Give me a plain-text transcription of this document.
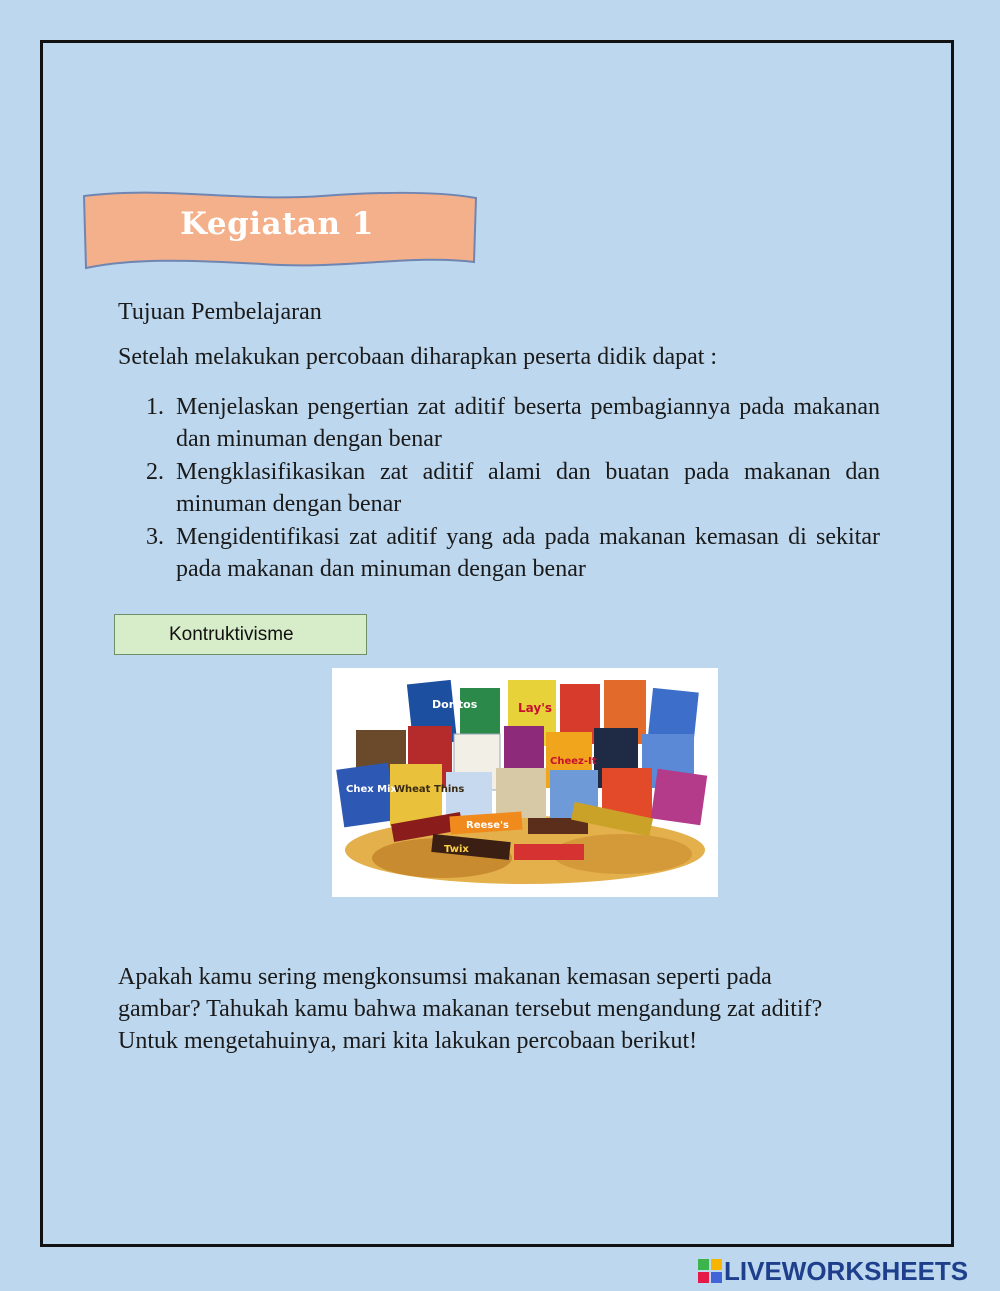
Kegiatan 1
Tujuan Pembelajaran
Setelah melakukan percobaan diharapkan peserta didik dapat :
1. Menjelaskan pengertian zat aditif beserta pembagiannya pada makanan dan minuman dengan benar
2. Mengklasifikasikan zat aditif alami dan buatan pada makanan dan minuman dengan benar
3. Mengidentifikasi zat aditif yang ada pada makanan kemasan di sekitar pada makanan dan minuman dengan benar
Kontruktivisme
Doritos	Lay's
Chex Mix
Wheat Thins
Reese's
Twix
Cheez-It
Apakah kamu sering mengkonsumsi makanan kemasan seperti pada gambar? Tahukah kamu bahwa makanan tersebut mengandung zat aditif? Untuk mengetahuinya, mari kita lakukan percobaan berikut!
LIVEWORKSHEETS
